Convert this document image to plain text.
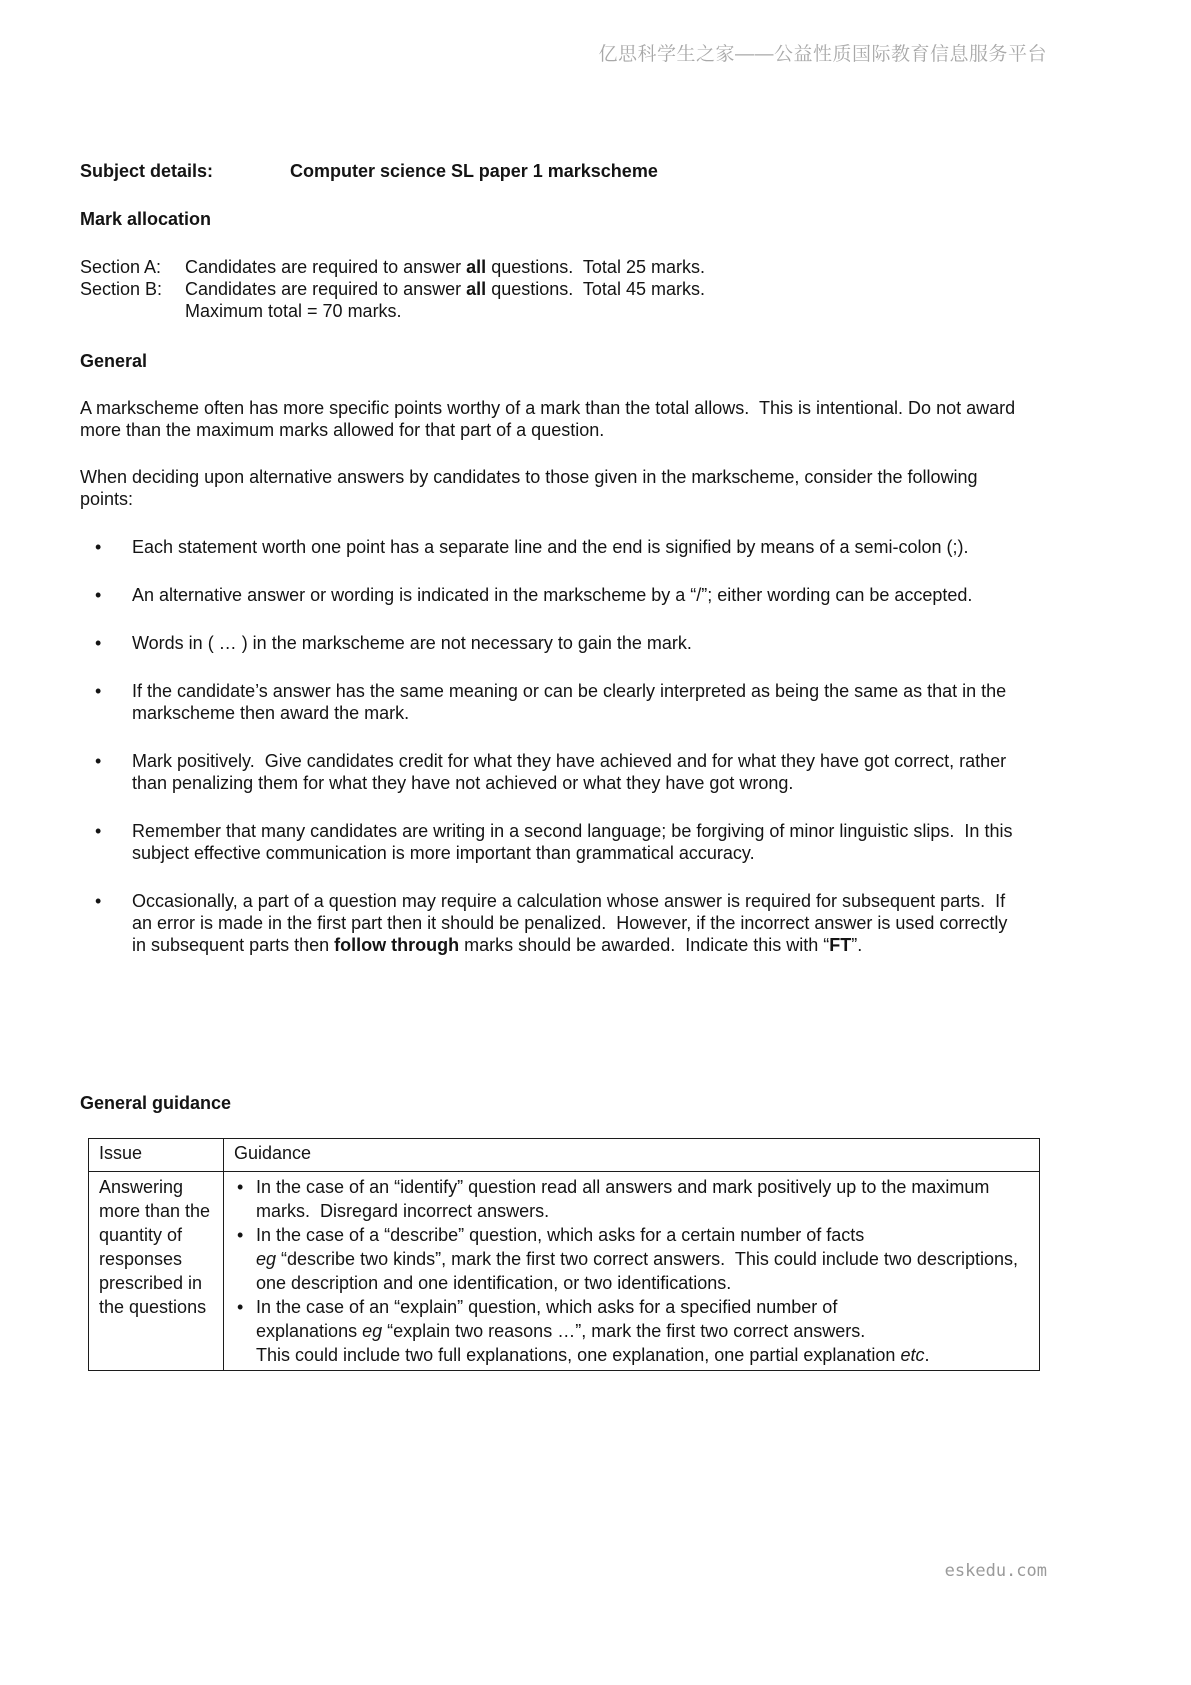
亿思科学生之家——公益性质国际教育信息服务平台
Subject details:	Computer science SL paper 1 markscheme
Mark allocation
Section A:	Candidates are required to answer all questions.  Total 25 marks.
Section B:	Candidates are required to answer all questions.  Total 45 marks.
Maximum total = 70 marks.
General

A markscheme often has more specific points worthy of a mark than the total allows.  This is intentional. Do not award more than the maximum marks allowed for that part of a question.

When deciding upon alternative answers by candidates to those given in the markscheme, consider the following points:

• Each statement worth one point has a separate line and the end is signified by means of a semi-colon (;).
• An alternative answer or wording is indicated in the markscheme by a “/”; either wording can be accepted.
• Words in ( … ) in the markscheme are not necessary to gain the mark.
• If the candidate’s answer has the same meaning or can be clearly interpreted as being the same as that in the markscheme then award the mark.
• Mark positively.  Give candidates credit for what they have achieved and for what they have got correct, rather than penalizing them for what they have not achieved or what they have got wrong.
• Remember that many candidates are writing in a second language; be forgiving of minor linguistic slips.  In this subject effective communication is more important than grammatical accuracy.
• Occasionally, a part of a question may require a calculation whose answer is required for subsequent parts.  If an error is made in the first part then it should be penalized.  However, if the incorrect answer is used correctly in subsequent parts then follow through marks should be awarded.  Indicate this with “FT”.
General guidance
Issue	Guidance
Answering more than the quantity of responses prescribed in the questions	
• In the case of an “identify” question read all answers and mark positively up to the maximum marks.  Disregard incorrect answers.
• In the case of a “describe” question, which asks for a certain number of facts
eg “describe two kinds”, mark the first two correct answers.  This could include two descriptions, one description and one identification, or two identifications.
• In the case of an “explain” question, which asks for a specified number of
explanations eg “explain two reasons …”, mark the first two correct answers.
This could include two full explanations, one explanation, one partial explanation etc.
eskedu.com
